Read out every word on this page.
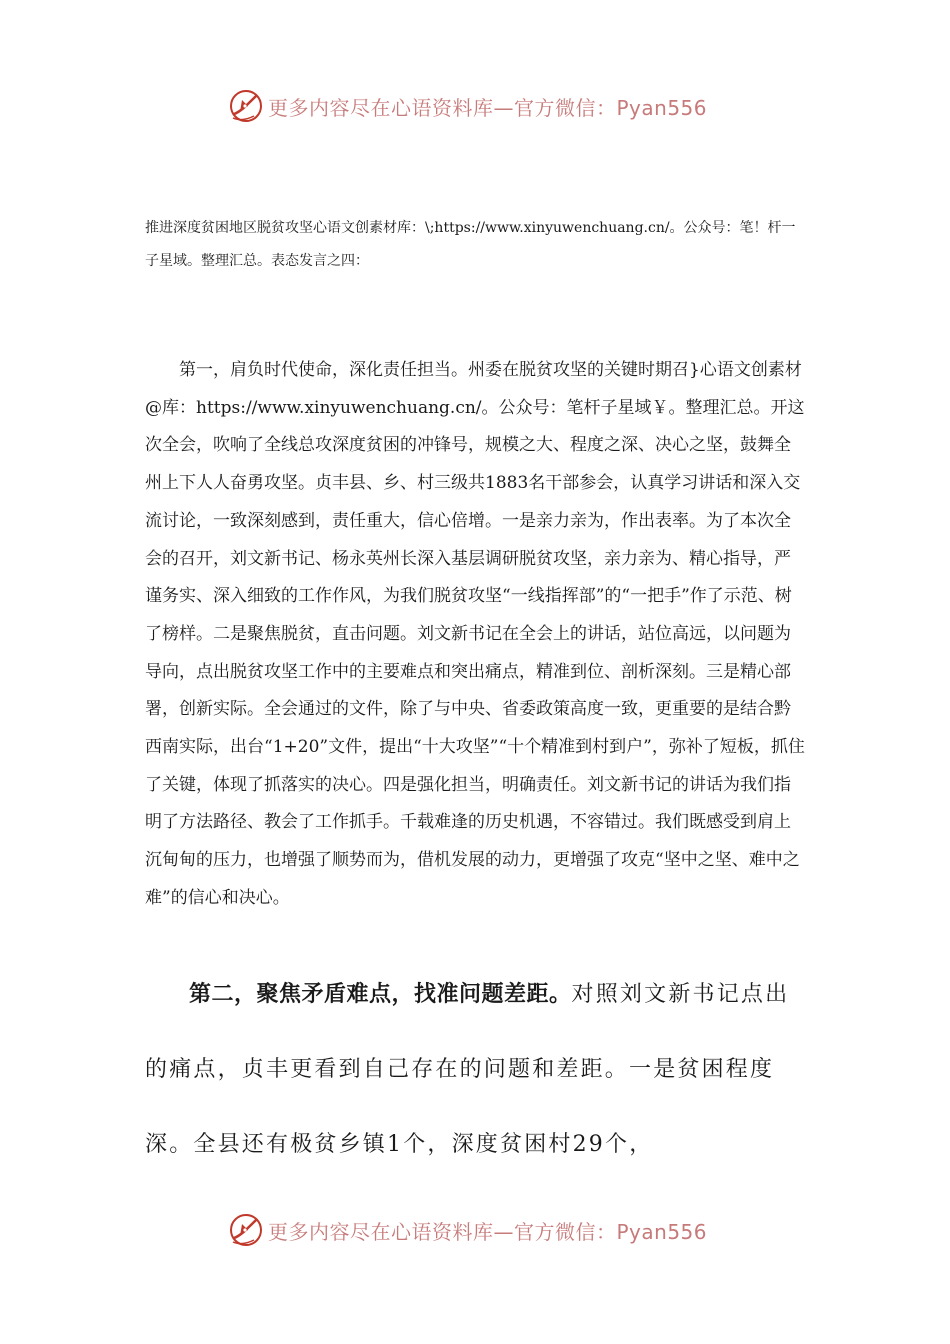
更多内容尽在心语资料库—官方微信：Pyan556

推进深度贫困地区脱贫攻坚心语文创素材库：\;https://www.xinyuwenchuang.cn/。公众号：笔！杆一子星域。整理汇总。表态发言之四：

第一，肩负时代使命，深化责任担当。州委在脱贫攻坚的关键时期召}心语文创素材@库：https://www.xinyuwenchuang.cn/。公众号：笔杆子星域￥。整理汇总。开这次全会，吹响了全线总攻深度贫困的冲锋号，规模之大、程度之深、决心之坚，鼓舞全州上下人人奋勇攻坚。贞丰县、乡、村三级共1883名干部参会，认真学习讲话和深入交流讨论，一致深刻感到，责任重大，信心倍增。一是亲力亲为，作出表率。为了本次全会的召开，刘文新书记、杨永英州长深入基层调研脱贫攻坚，亲力亲为、精心指导，严谨务实、深入细致的工作作风，为我们脱贫攻坚“一线指挥部”的“一把手”作了示范、树了榜样。二是聚焦脱贫，直击问题。刘文新书记在全会上的讲话，站位高远，以问题为导向，点出脱贫攻坚工作中的主要难点和突出痛点，精准到位、剖析深刻。三是精心部署，创新实际。全会通过的文件，除了与中央、省委政策高度一致，更重要的是结合黔西南实际，出台“1+20”文件，提出“十大攻坚”“十个精准到村到户”，弥补了短板，抓住了关键，体现了抓落实的决心。四是强化担当，明确责任。刘文新书记的讲话为我们指明了方法路径、教会了工作抓手。千载难逢的历史机遇，不容错过。我们既感受到肩上沉甸甸的压力，也增强了顺势而为，借机发展的动力，更增强了攻克“坚中之坚、难中之难”的信心和决心。

第二，聚焦矛盾难点，找准问题差距。对照刘文新书记点出的痛点，贞丰更看到自己存在的问题和差距。一是贫困程度深。全县还有极贫乡镇1个，深度贫困村29个，

更多内容尽在心语资料库—官方微信：Pyan556
